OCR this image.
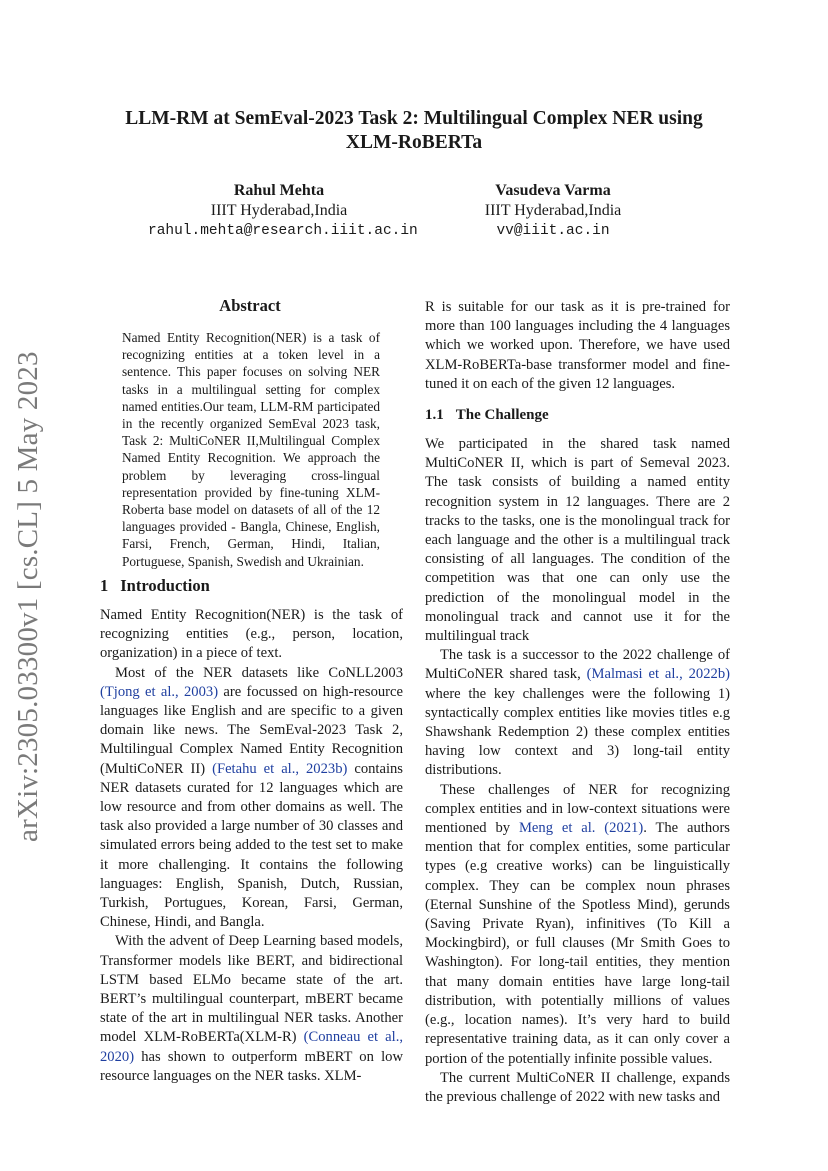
arXiv:2305.03300v1 [cs.CL] 5 May 2023
LLM-RM at SemEval-2023 Task 2: Multilingual Complex NER using
XLM-RoBERTa
Rahul Mehta
IIIT Hyderabad,India
rahul.mehta@research.iiit.ac.in
Vasudeva Varma
IIIT Hyderabad,India
vv@iiit.ac.in
Abstract
Named Entity Recognition(NER) is a task of recognizing entities at a token level in a sentence. This paper focuses on solving NER tasks in a multilingual setting for complex named entities.Our team, LLM-RM participated in the recently organized SemEval 2023 task, Task 2: MultiCoNER II,Multilingual Complex Named Entity Recognition. We approach the problem by leveraging cross-lingual representation provided by fine-tuning XLM-Roberta base model on datasets of all of the 12 languages provided - Bangla, Chinese, English, Farsi, French, German, Hindi, Italian, Portuguese, Spanish, Swedish and Ukrainian.
1 Introduction

Named Entity Recognition(NER) is the task of recognizing entities (e.g., person, location, organization) in a piece of text.

Most of the NER datasets like CoNLL2003 (Tjong et al., 2003) are focussed on high-resource languages like English and are specific to a given domain like news. The SemEval-2023 Task 2, Multilingual Complex Named Entity Recognition (MultiCoNER II) (Fetahu et al., 2023b) contains NER datasets curated for 12 languages which are low resource and from other domains as well. The task also provided a large number of 30 classes and simulated errors being added to the test set to make it more challenging. It contains the following languages: English, Spanish, Dutch, Russian, Turkish, Portugues, Korean, Farsi, German, Chinese, Hindi, and Bangla.

With the advent of Deep Learning based models, Transformer models like BERT, and bidirectional LSTM based ELMo became state of the art. BERT’s multilingual counterpart, mBERT became state of the art in multilingual NER tasks. Another model XLM-RoBERTa(XLM-R) (Conneau et al., 2020) has shown to outperform mBERT on low resource languages on the NER tasks. XLM-

R is suitable for our task as it is pre-trained for more than 100 languages including the 4 languages which we worked upon. Therefore, we have used XLM-RoBERTa-base transformer model and fine-tuned it on each of the given 12 languages.

1.1 The Challenge

We participated in the shared task named MultiCoNER II, which is part of Semeval 2023. The task consists of building a named entity recognition system in 12 languages. There are 2 tracks to the tasks, one is the monolingual track for each language and the other is a multilingual track consisting of all languages. The condition of the competition was that one can only use the prediction of the monolingual model in the monolingual track and cannot use it for the multilingual track

The task is a successor to the 2022 challenge of MultiCoNER shared task, (Malmasi et al., 2022b) where the key challenges were the following 1) syntactically complex entities like movies titles e.g Shawshank Redemption 2) these complex entities having low context and 3) long-tail entity distributions.

These challenges of NER for recognizing complex entities and in low-context situations were mentioned by Meng et al. (2021). The authors mention that for complex entities, some particular types (e.g creative works) can be linguistically complex. They can be complex noun phrases (Eternal Sunshine of the Spotless Mind), gerunds (Saving Private Ryan), infinitives (To Kill a Mockingbird), or full clauses (Mr Smith Goes to Washington). For long-tail entities, they mention that many domain entities have large long-tail distribution, with potentially millions of values (e.g., location names). It’s very hard to build representative training data, as it can only cover a portion of the potentially infinite possible values.

The current MultiCoNER II challenge, expands the previous challenge of 2022 with new tasks and
